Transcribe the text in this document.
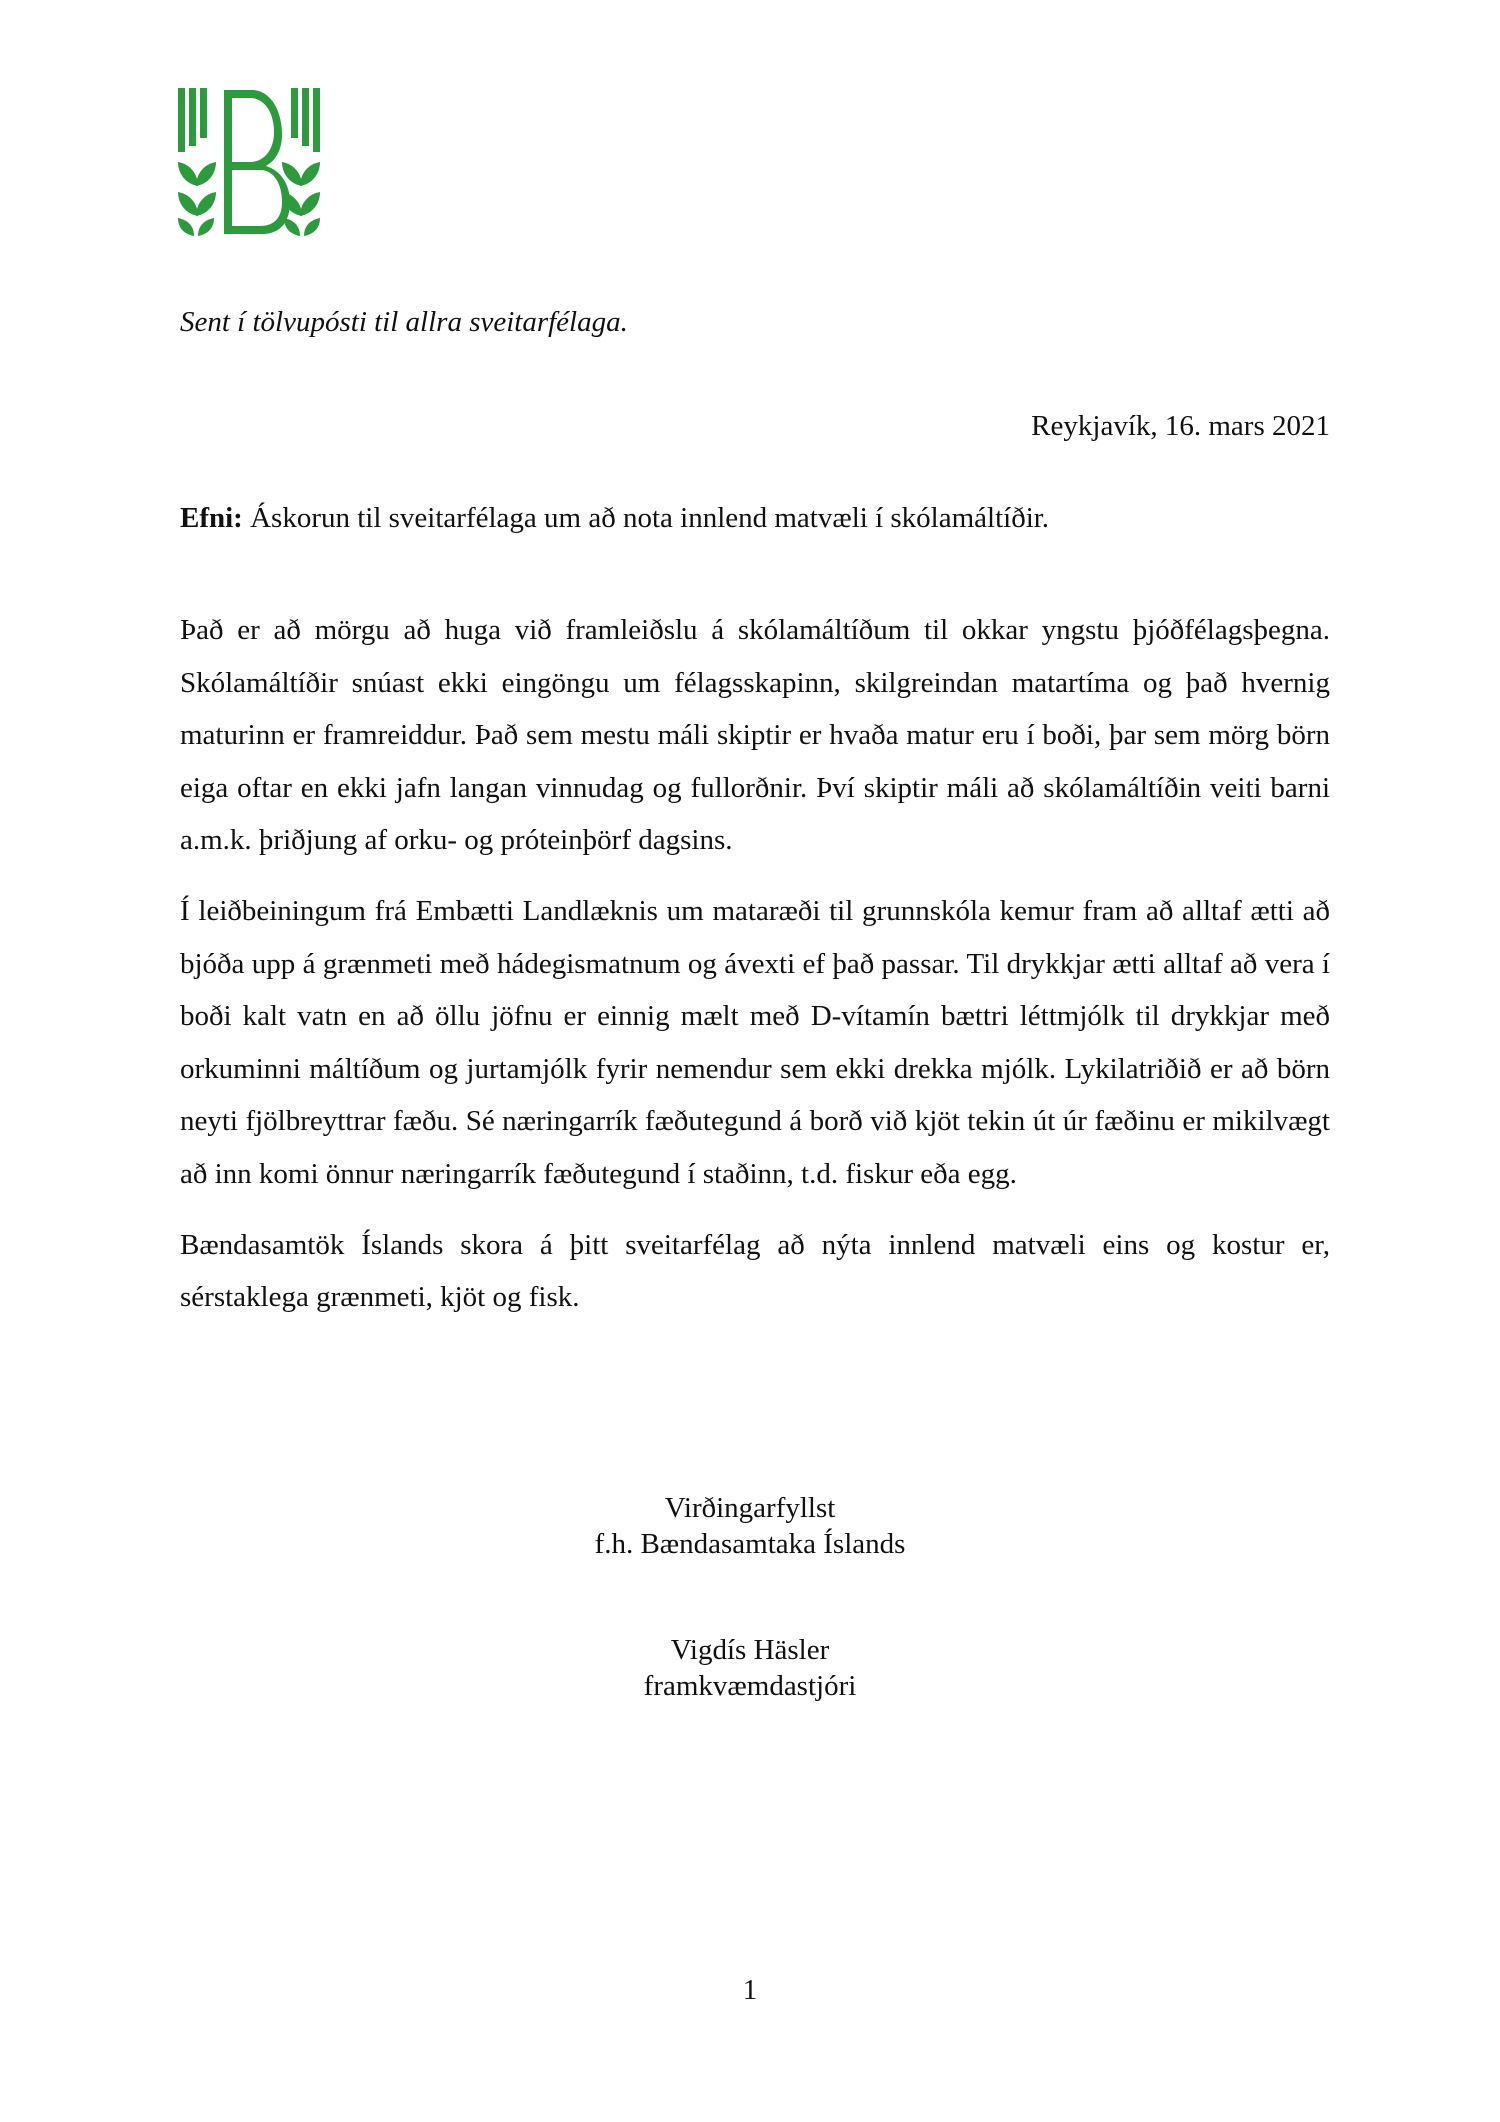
Sent í tölvupósti til allra sveitarfélaga.
Reykjavík, 16. mars 2021
Efni: Áskorun til sveitarfélaga um að nota innlend matvæli í skólamáltíðir.

Það er að mörgu að huga við framleiðslu á skólamáltíðum til okkar yngstu þjóðfélagsþegna. Skólamáltíðir snúast ekki eingöngu um félagsskapinn, skilgreindan matartíma og það hvernig maturinn er framreiddur. Það sem mestu máli skiptir er hvaða matur eru í boði, þar sem mörg börn eiga oftar en ekki jafn langan vinnudag og fullorðnir. Því skiptir máli að skólamáltíðin veiti barni a.m.k. þriðjung af orku- og próteinþörf dagsins.

Í leiðbeiningum frá Embætti Landlæknis um mataræði til grunnskóla kemur fram að alltaf ætti að bjóða upp á grænmeti með hádegismatnum og ávexti ef það passar. Til drykkjar ætti alltaf að vera í boði kalt vatn en að öllu jöfnu er einnig mælt með D-vítamín bættri léttmjólk til drykkjar með orkuminni máltíðum og jurtamjólk fyrir nemendur sem ekki drekka mjólk. Lykilatriðið er að börn neyti fjölbreyttrar fæðu. Sé næringarrík fæðutegund á borð við kjöt tekin út úr fæðinu er mikilvægt að inn komi önnur næringarrík fæðutegund í staðinn, t.d. fiskur eða egg.

Bændasamtök Íslands skora á þitt sveitarfélag að nýta innlend matvæli eins og kostur er, sérstaklega grænmeti, kjöt og fisk.

Virðingarfyllst
f.h. Bændasamtaka Íslands
Vigdís Häsler
framkvæmdastjóri
1
